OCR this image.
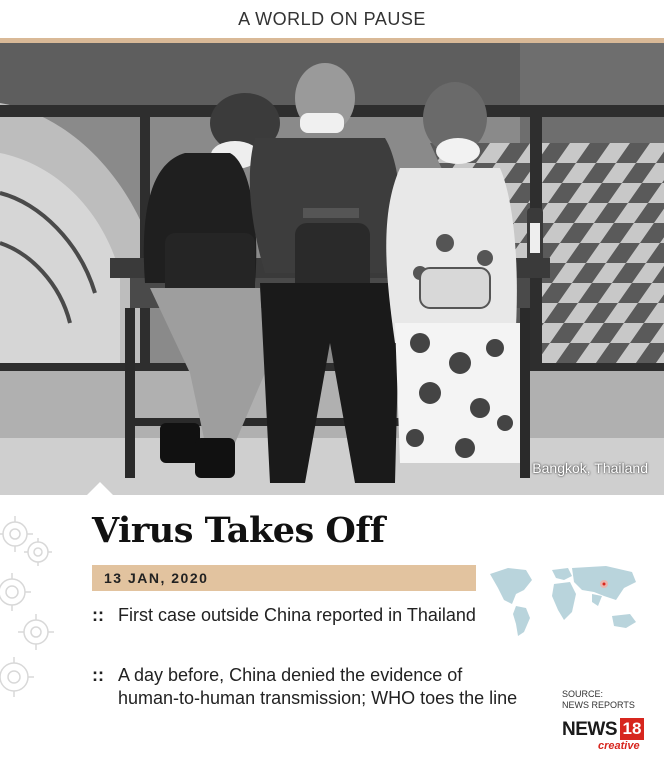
A WORLD ON PAUSE
Bangkok, Thailand
Virus Takes Off
13 JAN, 2020
:: First case outside China reported in Thailand
:: A day before, China denied the evidence of human-to-human transmission; WHO toes the line	SOURCE:
NEWS REPORTS
NEWS 18
creative
